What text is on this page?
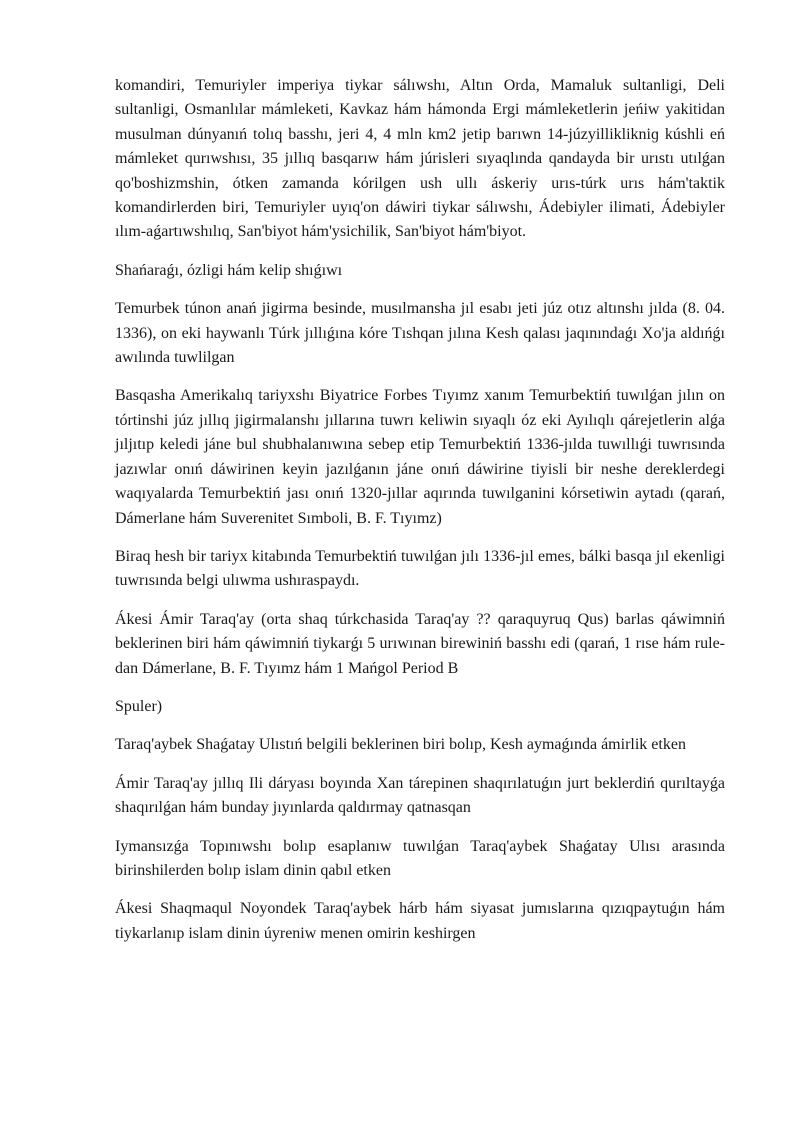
komandiri, Temuriyler imperiya tiykar sálıwshı, Altın Orda, Mamaluk sultanligi, Deli sultanligi, Osmanlılar mámleketi, Kavkaz hám hámonda Ergi mámleketlerin jeńiw yakitidan musulman dúnyanıń tolıq basshı, jeri 4, 4 mln km2 jetip barıwn 14-júzyilliklikniɡ kúshli eń mámleket qurıwshısı, 35 jıllıq basqarıw hám júrisleri sıyaqlında qandayda bir urıstı utılǵan qo'boshizmshin, ótken zamanda kórilgen ush ullı áskeriy urıs-túrk urıs hám'taktik komandirlerden biri, Temuriyler uyıq'on dáwiri tiykar sálıwshı, Ádebiyler ilimati, Ádebiyler ılım-aǵartıwshılıq, San'biyot hám'ysichilik, San'biyot hám'biyot.

Shańaraǵı, ózligi hám kelip shıǵıwı

Temurbek túnon anań jigirma besinde, musılmansha jıl esabı jeti júz otız altınshı jılda (8. 04. 1336), on eki haywanlı Túrk jıllıǵına kóre Tıshqan jılına Kesh qalası jaqınındaǵı Xo'ja aldıńǵı awılında tuwlilgan

Basqasha Amerikalıq tariyxshı Biyatrice Forbes Tıyımz xanım Temurbektiń tuwılǵan jılın on tórtinshi júz jıllıq jigirmalanshı jıllarına tuwrı keliwin sıyaqlı óz eki Ayılıqlı qárejetlerin alǵa jıljıtıp keledi jáne bul shubhalanıwına sebep etip Temurbektiń 1336-jılda tuwıllıǵi tuwrısında jazıwlar onıń dáwirinen keyin jazılǵanın jáne onıń dáwirine tiyisli bir neshe dereklerdegi waqıyalarda Temurbektiń jası onıń 1320-jıllar aqırında tuwılganini kórsetiwin aytadı (qarań, Dámerlane hám Suverenitet Sımboli, B. F. Tıyımz)

Biraq hesh bir tariyx kitabında Temurbektiń tuwılǵan jılı 1336-jıl emes, bálki basqa jıl ekenligi tuwrısında belgi ulıwma ushıraspaydı.

Ákesi Ámir Taraq'ay (orta shaq túrkchasida Taraq'ay ?? qaraquyruq Qus) barlas qáwimniń beklerinen biri hám qáwimniń tiykarǵı 5 urıwınan birewiniń basshı edi (qarań, 1 rıse hám rule-dan Dámerlane, B. F. Tıyımz hám 1 Mańgol Period B

Spuler)

Taraq'aybek Shaǵatay Ulıstıń belgili beklerinen biri bolıp, Kesh aymaǵında ámirlik etken

Ámir Taraq'ay jıllıq Ili dáryası boyında Xan tárepinen shaqırılatuǵın jurt beklerdiń qurıltayǵa shaqırılǵan hám bunday jıyınlarda qaldırmay qatnasqan

Iymansızǵa Topınıwshı bolıp esaplanıw tuwılǵan Taraq'aybek Shaǵatay Ulısı arasında birinshilerden bolıp islam dinin qabıl etken

Ákesi Shaqmaqul Noyondek Taraq'aybek hárb hám siyasat jumıslarına qızıqpaytuǵın hám tiykarlanıp islam dinin úyreniw menen omirin keshirgen
